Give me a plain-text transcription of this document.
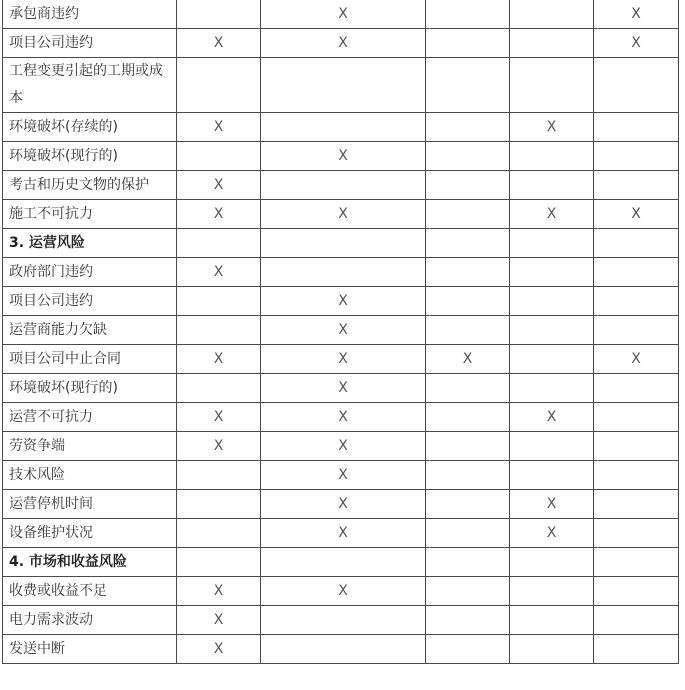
承包商违约		X			X
项目公司违约	X	X			X
工程变更引起的工期或成本					
环境破坏(存续的)	X			X	
环境破坏(现行的)		X			
考古和历史文物的保护	X				
施工不可抗力	X	X		X	X
3. 运营风险					
政府部门违约	X				
项目公司违约		X			
运营商能力欠缺		X			
项目公司中止合同	X	X	X		X
环境破坏(现行的)		X			
运营不可抗力	X	X		X	
劳资争端	X	X			
技术风险		X			
运营停机时间		X		X	
设备维护状况		X		X	
4. 市场和收益风险					
收费或收益不足	X	X			
电力需求波动	X				
发送中断	X				
